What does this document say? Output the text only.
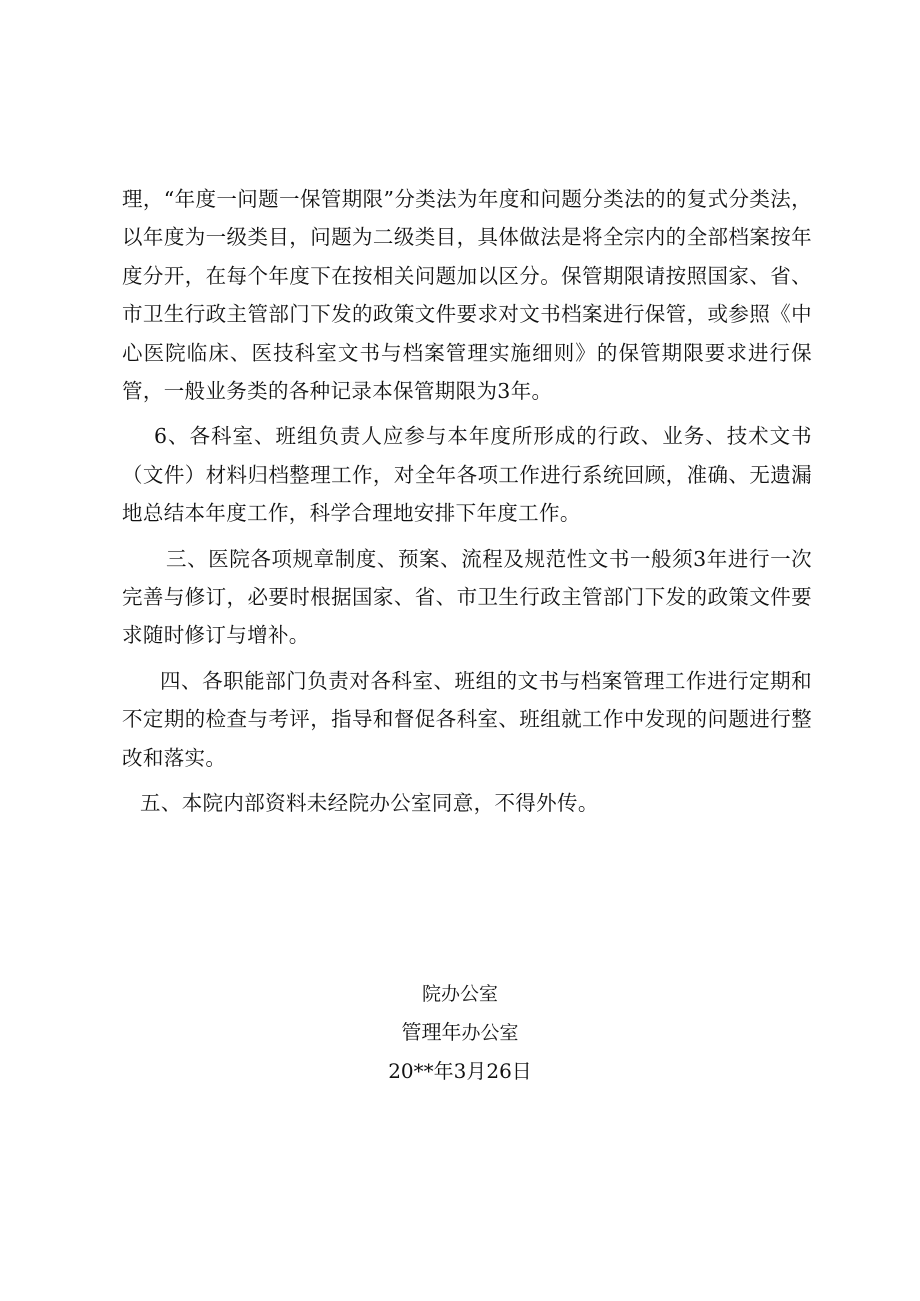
理，“年度一问题一保管期限”分类法为年度和问题分类法的的复式分类法，以年度为一级类目，问题为二级类目，具体做法是将全宗内的全部档案按年度分开，在每个年度下在按相关问题加以区分。保管期限请按照国家、省、市卫生行政主管部门下发的政策文件要求对文书档案进行保管，或参照《中心医院临床、医技科室文书与档案管理实施细则》的保管期限要求进行保管，一般业务类的各种记录本保管期限为3年。

6、各科室、班组负责人应参与本年度所形成的行政、业务、技术文书（文件）材料归档整理工作，对全年各项工作进行系统回顾，准确、无遗漏地总结本年度工作，科学合理地安排下年度工作。

三、医院各项规章制度、预案、流程及规范性文书一般须3年进行一次完善与修订，必要时根据国家、省、市卫生行政主管部门下发的政策文件要求随时修订与增补。

四、各职能部门负责对各科室、班组的文书与档案管理工作进行定期和不定期的检查与考评，指导和督促各科室、班组就工作中发现的问题进行整改和落实。

五、本院内部资料未经院办公室同意，不得外传。

院办公室
管理年办公室
20**年3月26日
